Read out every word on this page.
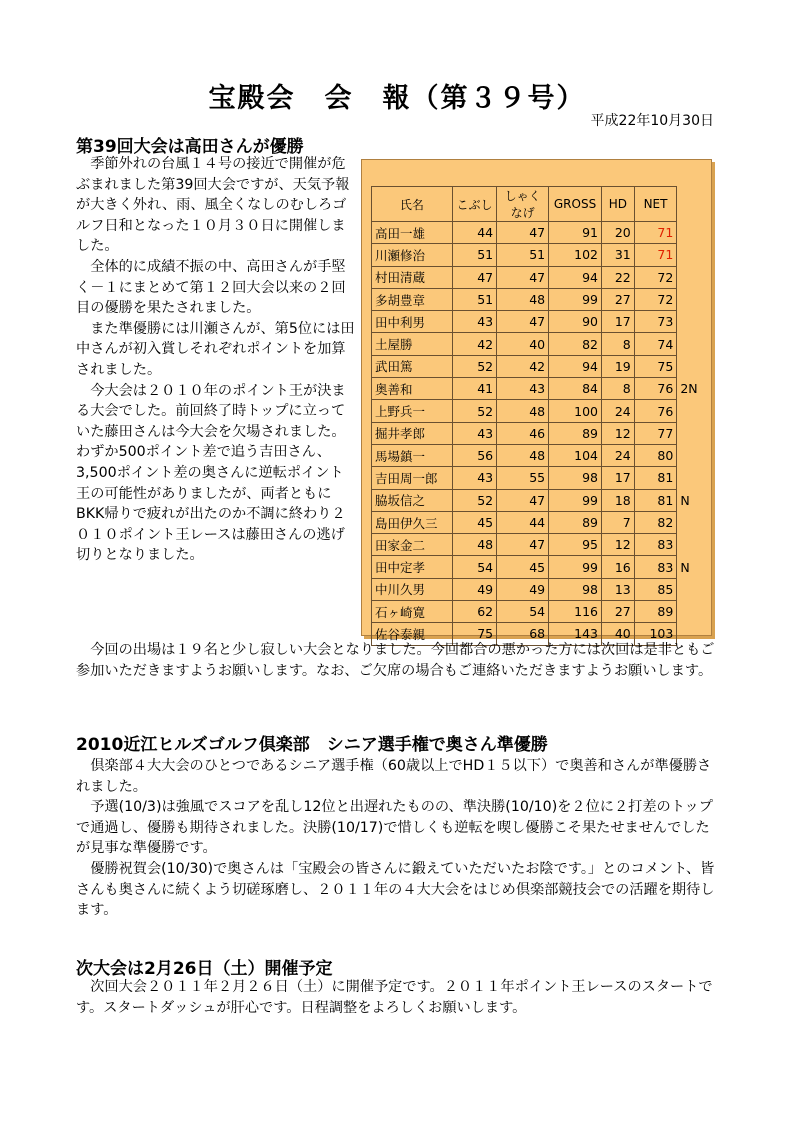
宝殿会　会　報（第３９号）
平成22年10月30日
第39回大会は高田さんが優勝

季節外れの台風１４号の接近で開催が危ぶまれました第39回大会ですが、天気予報が大きく外れ、雨、風全くなしのむしろゴルフ日和となった１０月３０日に開催しました。

全体的に成績不振の中、高田さんが手堅く－１にまとめて第１２回大会以来の２回目の優勝を果たされました。

また準優勝には川瀬さんが、第5位には田中さんが初入賞しそれぞれポイントを加算されました。

今大会は２０１０年のポイント王が決まる大会でした。前回終了時トップに立っていた藤田さんは今大会を欠場されました。わずか500ポイント差で追う吉田さん、3,500ポイント差の奥さんに逆転ポイント王の可能性がありましたが、両者ともにBKK帰りで疲れが出たのか不調に終わり２０１０ポイント王レースは藤田さんの逃げ切りとなりました。

氏名	こぶし	しゃくなげ	GROSS	HD	NET	
高田一雄	44	47	91	20	71	
川瀬修治	51	51	102	31	71	
村田清蔵	47	47	94	22	72	
多胡豊章	51	48	99	27	72	
田中利男	43	47	90	17	73	
土屋勝	42	40	82	8	74	
武田篤	52	42	94	19	75	
奥善和	41	43	84	8	76	2N
上野兵一	52	48	100	24	76	
掘井孝郎	43	46	89	12	77	
馬場鎮一	56	48	104	24	80	
吉田周一郎	43	55	98	17	81	
脇坂信之	52	47	99	18	81	N
島田伊久三	45	44	89	7	82	
田家金二	48	47	95	12	83	
田中定孝	54	45	99	16	83	N
中川久男	49	49	98	13	85	
石ヶ崎寛	62	54	116	27	89	
佐谷泰親	75	68	143	40	103	

今回の出場は１９名と少し寂しい大会となりました。今回都合の悪かった方には次回は是非ともご参加いただきますようお願いします。なお、ご欠席の場合もご連絡いただきますようお願いします。

2010近江ヒルズゴルフ倶楽部　シニア選手権で奥さん準優勝

倶楽部４大大会のひとつであるシニア選手権（60歳以上でHD１５以下）で奥善和さんが準優勝されました。

予選(10/3)は強風でスコアを乱し12位と出遅れたものの、準決勝(10/10)を２位に２打差のトップで通過し、優勝も期待されました。決勝(10/17)で惜しくも逆転を喫し優勝こそ果たせませんでしたが見事な準優勝です。

優勝祝賀会(10/30)で奥さんは「宝殿会の皆さんに鍛えていただいたお陰です。」とのコメント、皆さんも奥さんに続くよう切磋琢磨し、２０１１年の４大大会をはじめ倶楽部競技会での活躍を期待します。

次大会は2月26日（土）開催予定

次回大会２０１１年２月２６日（土）に開催予定です。２０１１年ポイント王レースのスタートです。スタートダッシュが肝心です。日程調整をよろしくお願いします。
